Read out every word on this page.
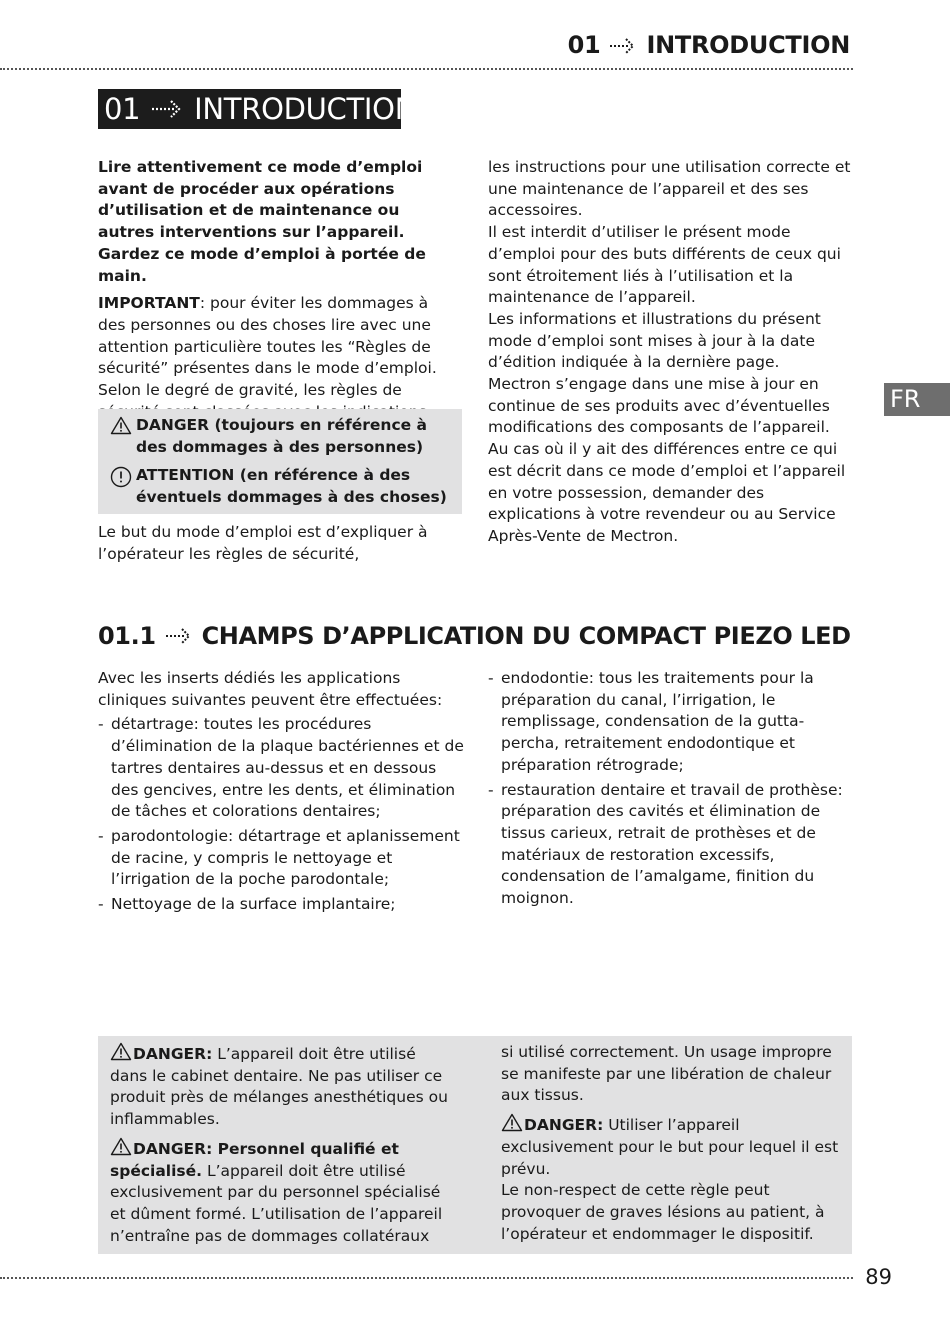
01 INTRODUCTION
01 INTRODUCTION

Lire attentivement ce mode d’emploi avant de procéder aux opérations d’utilisation et de maintenance ou autres interventions sur l’appareil. Gardez ce mode d’emploi à portée de main.

IMPORTANT: pour éviter les dommages à des personnes ou des choses lire avec une attention particulière toutes les “Règles de sécurité” présentes dans le mode d’emploi. Selon le degré de gravité, les règles de

DANGER (toujours en référence à des dommages à des personnes)
ATTENTION (en référence à des éventuels dommages à des choses)

Le but du mode d’emploi est d’expliquer à l’opérateur les règles de sécurité,

les instructions pour une utilisation correcte et une maintenance de l’appareil et des ses accessoires.

Il est interdit d’utiliser le présent mode d’emploi pour des buts différents de ceux qui sont étroitement liés à l’utilisation et la maintenance de l’appareil.

Les informations et illustrations du présent mode d’emploi sont mises à jour à la date d’édition indiquée à la dernière page.

Mectron s’engage dans une mise à jour en continue de ses produits avec d’éventuelles modifications des composants de l’appareil.

Au cas où il y ait des différences entre ce qui est décrit dans ce mode d’emploi et l’appareil en votre possession, demander des explications à votre revendeur ou au Service Après-Vente de Mectron.

FR
01.1 CHAMPS D’APPLICATION DU COMPACT PIEZO LED

Avec les inserts dédiés les applications cliniques suivantes peuvent être effectuées:

- détartrage: toutes les procédures d’élimination de la plaque bactériennes et de tartres dentaires au-dessus et en dessous des gencives, entre les dents, et élimination de tâches et colorations dentaires;
- parodontologie: détartrage et aplanissement de racine, y compris le nettoyage et l’irrigation de la poche parodontale;
- Nettoyage de la surface implantaire;
- endodontie: tous les traitements pour la préparation du canal, l’irrigation, le remplissage, condensation de la gutta-percha, retraitement endodontique et préparation rétrograde;
- restauration dentaire et travail de prothèse: préparation des cavités et élimination de tissus carieux, retrait de prothèses et de matériaux de restoration excessifs, condensation de l’amalgame, finition du moignon.

DANGER: L’appareil doit être utilisé dans le cabinet dentaire. Ne pas utiliser ce produit près de mélanges anesthétiques ou inflammables.

DANGER: Personnel qualifié et spécialisé. L’appareil doit être utilisé exclusivement par du personnel spécialisé et dûment formé. L’utilisation de l’appareil n’entraîne pas de dommages collatéraux

si utilisé correctement. Un usage impropre se manifeste par une libération de chaleur aux tissus.

DANGER: Utiliser l’appareil exclusivement pour le but pour lequel il est prévu.

Le non-respect de cette règle peut provoquer de graves lésions au patient, à l’opérateur et endommager le dispositif.

89
